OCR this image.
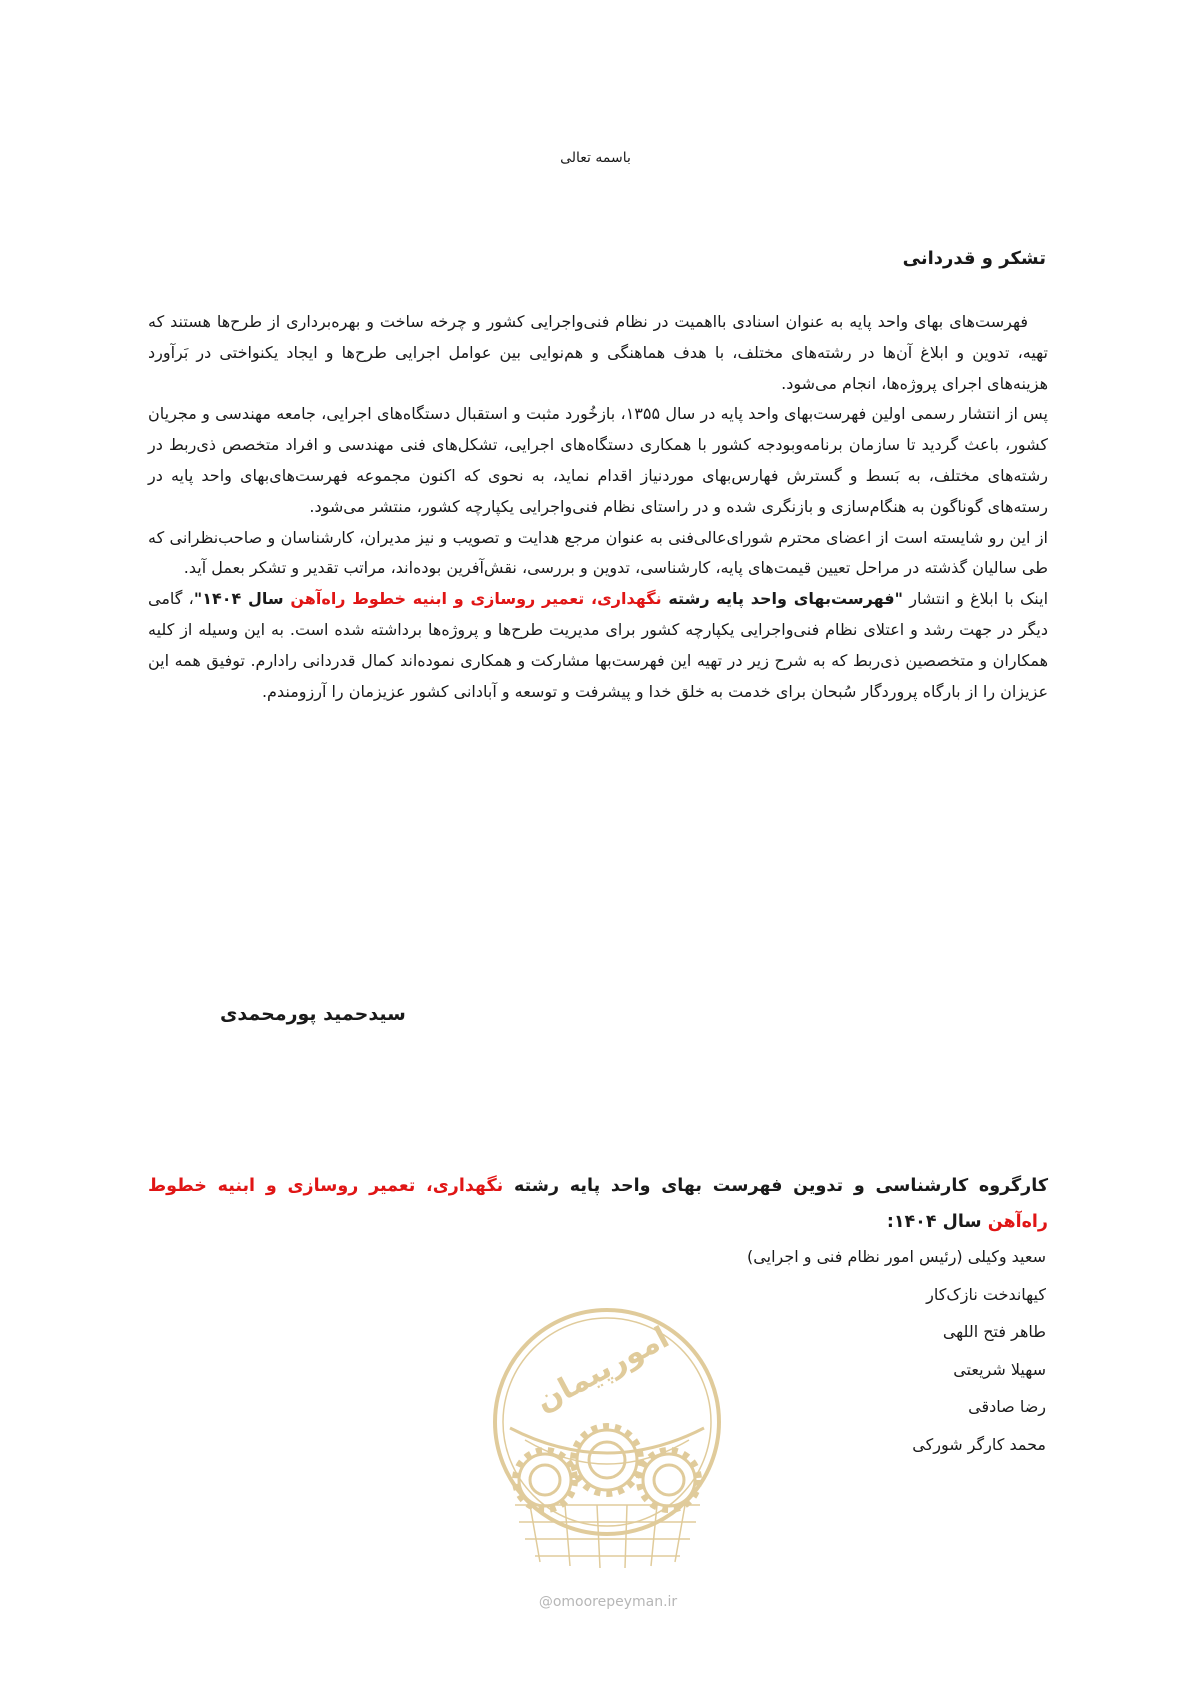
باسمه تعالی
تشکر و قدردانی

فهرست‌های بهای واحد پایه به عنوان اسنادی بااهمیت در نظام فنی‌واجرایی کشور و چرخه ساخت و بهره‌برداری از طرح‌ها هستند که تهیه، تدوین و ابلاغ آن‌ها در رشته‌های مختلف، با هدف هماهنگی و هم‌نوایی بین عوامل اجرایی طرح‌ها و ایجاد یکنواختی در بَرآورد هزینه‌های اجرای پروژه‌ها، انجام می‌شود.

پس از انتشار رسمی اولین فهرست‌بهای واحد پایه در سال ۱۳۵۵، بازخُورد مثبت و استقبال دستگاه‌های اجرایی، جامعه مهندسی و مجریان کشور، باعث گردید تا سازمان برنامه‌وبودجه کشور با همکاری دستگاه‌های اجرایی، تشکل‌های فنی مهندسی و افراد متخصص ذی‌ربط در رشته‌های مختلف، به بَسط و گسترش فهارس‌بهای موردنیاز اقدام نماید، به نحوی که اکنون مجموعه فهرست‌های‌بهای واحد پایه در رسته‌های گوناگون به هنگام‌سازی و بازنگری شده و در راستای نظام فنی‌واجرایی یکپارچه کشور، منتشر می‌شود.

از این رو شایسته است از اعضای محترم شورای‌عالی‌فنی به عنوان مرجع هدایت و تصویب و نیز مدیران، کارشناسان و صاحب‌نظرانی که طی سالیان گذشته در مراحل تعیین قیمت‌های پایه، کارشناسی، تدوین و بررسی، نقش‌آفرین بوده‌اند، مراتب تقدیر و تشکر بعمل آید.

اینک با ابلاغ و انتشار "فهرست‌بهای واحد پایه رشته نگهداری، تعمیر روسازی و ابنیه خطوط راه‌آهن سال ۱۴۰۴"، گامی دیگر در جهت رشد و اعتلای نظام فنی‌واجرایی یکپارچه کشور برای مدیریت طرح‌ها و پروژه‌ها برداشته شده است. به این وسیله از کلیه همکاران و متخصصین ذی‌ربط که به شرح زیر در تهیه این فهرست‌بها مشارکت و همکاری نموده‌اند کمال قدردانی رادارم. توفیق همه این عزیزان را از بارگاه پروردگار سُبحان برای خدمت به خلق خدا و پیشرفت و توسعه و آبادانی کشور عزیزمان را آرزومندم.

سیدحمید پورمحمدی
کارگروه کارشناسی و تدوین فهرست بهای واحد پایه رشته نگهداری، تعمیر روسازی و ابنیه خطوط راه‌آهن سال ۱۴۰۴:
سعید وکیلی (رئیس امور نظام فنی و اجرایی)
کیهاندخت نازک‌کار
طاهر فتح اللهی
سهیلا شریعتی
رضا صادقی
محمد کارگر شورکی
امورپیمان
@omoorepeyman.ir
